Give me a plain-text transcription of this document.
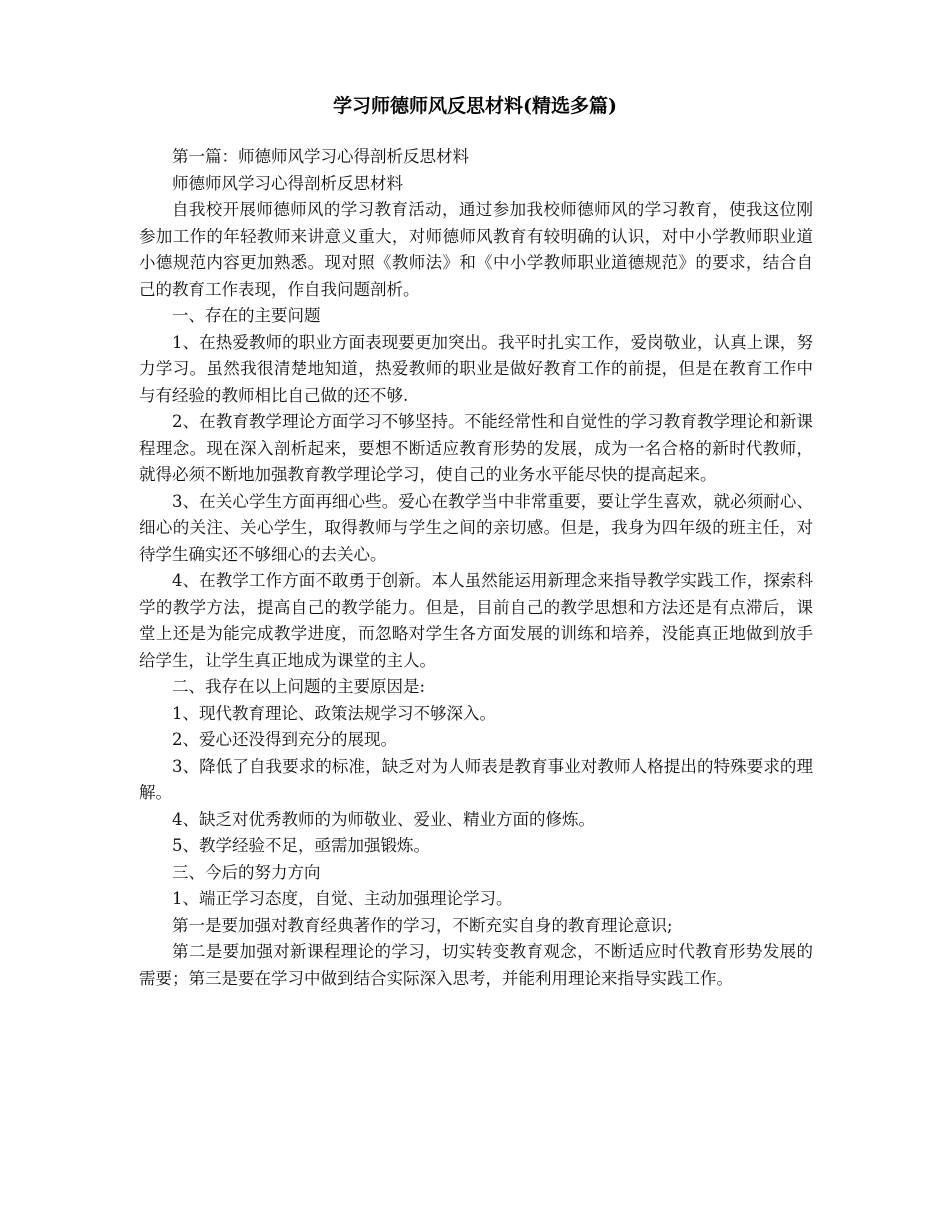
学习师德师风反思材料(精选多篇)

第一篇：师德师风学习心得剖析反思材料

师德师风学习心得剖析反思材料

自我校开展师德师风的学习教育活动，通过参加我校师德师风的学习教育，使我这位刚参加工作的年轻教师来讲意义重大，对师德师风教育有较明确的认识，对中小学教师职业道小德规范内容更加熟悉。现对照《教师法》和《中小学教师职业道德规范》的要求，结合自己的教育工作表现，作自我问题剖析。

一、存在的主要问题

1、在热爱教师的职业方面表现要更加突出。我平时扎实工作，爱岗敬业，认真上课，努力学习。虽然我很清楚地知道，热爱教师的职业是做好教育工作的前提，但是在教育工作中与有经验的教师相比自己做的还不够.

2、在教育教学理论方面学习不够坚持。不能经常性和自觉性的学习教育教学理论和新课程理念。现在深入剖析起来，要想不断适应教育形势的发展，成为一名合格的新时代教师，就得必须不断地加强教育教学理论学习，使自己的业务水平能尽快的提高起来。

3、在关心学生方面再细心些。爱心在教学当中非常重要，要让学生喜欢，就必须耐心、细心的关注、关心学生，取得教师与学生之间的亲切感。但是，我身为四年级的班主任，对待学生确实还不够细心的去关心。

4、在教学工作方面不敢勇于创新。本人虽然能运用新理念来指导教学实践工作，探索科学的教学方法，提高自己的教学能力。但是，目前自己的教学思想和方法还是有点滞后，课堂上还是为能完成教学进度，而忽略对学生各方面发展的训练和培养，没能真正地做到放手给学生，让学生真正地成为课堂的主人。

二、我存在以上问题的主要原因是:

1、现代教育理论、政策法规学习不够深入。

2、爱心还没得到充分的展现。

3、降低了自我要求的标准，缺乏对为人师表是教育事业对教师人格提出的特殊要求的理解。

4、缺乏对优秀教师的为师敬业、爱业、精业方面的修炼。

5、教学经验不足，亟需加强锻炼。

三、今后的努力方向

1、端正学习态度，自觉、主动加强理论学习。

第一是要加强对教育经典著作的学习，不断充实自身的教育理论意识;

第二是要加强对新课程理论的学习，切实转变教育观念，不断适应时代教育形势发展的需要；第三是要在学习中做到结合实际深入思考，并能利用理论来指导实践工作。
